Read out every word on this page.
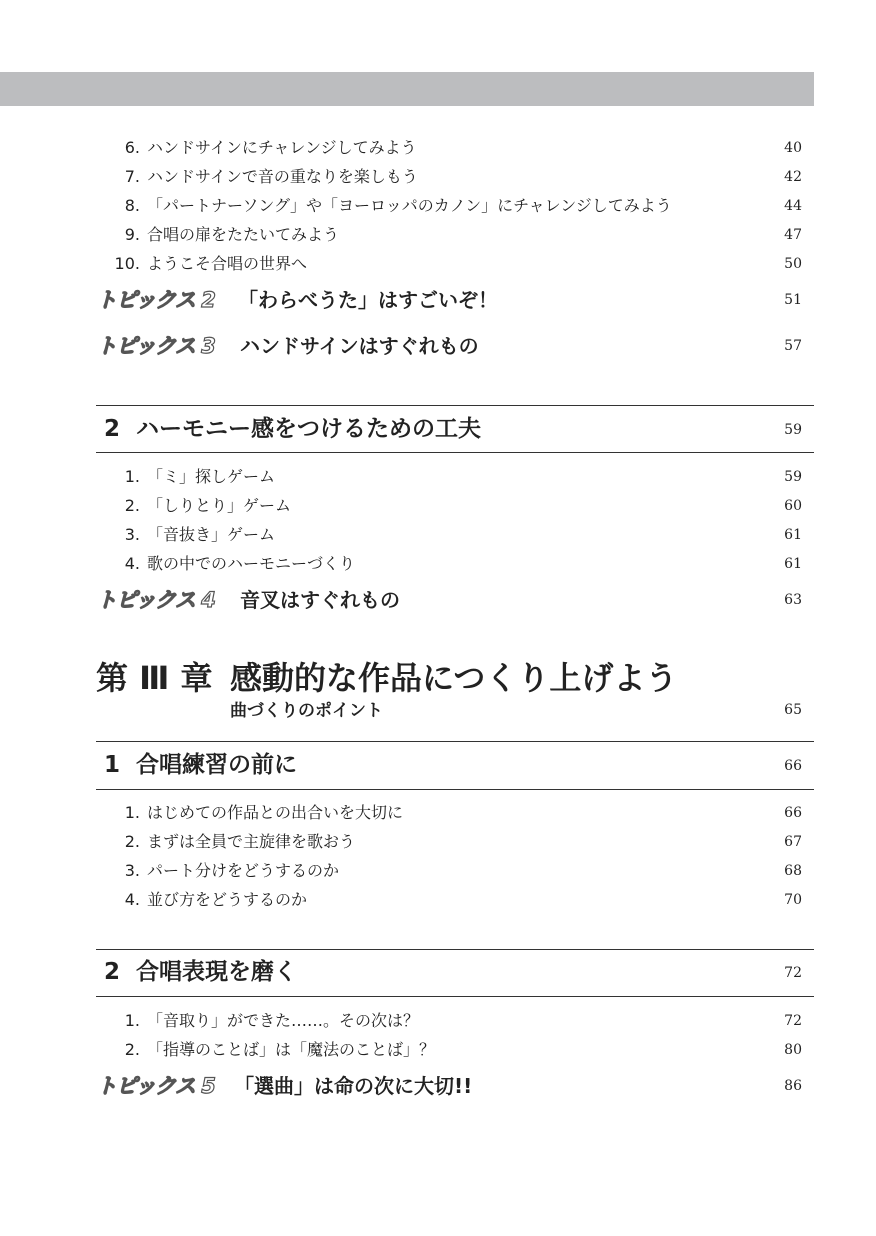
6. ハンドサインにチャレンジしてみよう	40
7. ハンドサインで音の重なりを楽しもう	42
8. 「パートナーソング」や「ヨーロッパのカノン」にチャレンジしてみよう	44
9. 合唱の扉をたたいてみよう	47
10. ようこそ合唱の世界へ	50
トピックス 2 「わらべうた」はすごいぞ！	51
トピックス 3 ハンドサインはすぐれもの	57
2  ハーモニー感をつけるための工夫	59
1. 「ミ」探しゲーム	59
2. 「しりとり」ゲーム	60
3. 「音抜き」ゲーム	61
4. 歌の中でのハーモニーづくり	61
トピックス 4 音叉はすぐれもの	63
第 Ⅲ 章 感動的な作品につくり上げよう
曲づくりのポイント	65
1  合唱練習の前に	66
1. はじめての作品との出合いを大切に	66
2. まずは全員で主旋律を歌おう	67
3. パート分けをどうするのか	68
4. 並び方をどうするのか	70
2  合唱表現を磨く	72
1. 「音取り」ができた……。その次は？	72
2. 「指導のことば」は「魔法のことば」？	80
トピックス 5 「選曲」は命の次に大切!!	86
